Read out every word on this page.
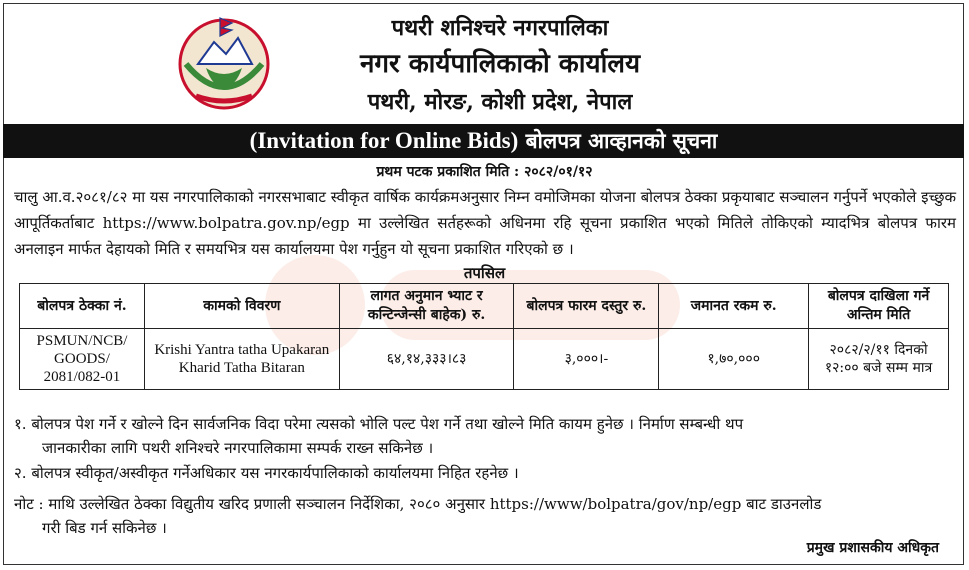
पथरी शनिश्चरे नगरपालिका
नगर कार्यपालिकाको कार्यालय
पथरी, मोरङ, कोशी प्रदेश, नेपाल
(Invitation for Online Bids) बोलपत्र आव्हानको सूचना
प्रथम पटक प्रकाशित मिति : २०८२/०१/१२

चालु आ.व.२०८१/८२ मा यस नगरपालिकाको नगरसभाबाट स्वीकृत वार्षिक कार्यक्रमअनुसार निम्न वमोजिमका योजना बोलपत्र ठेक्का प्रकृयाबाट सञ्चालन गर्नुपर्ने भएकोले इच्छुक आपूर्तिकर्ताबाट https://www.bolpatra.gov.np/egp मा उल्लेखित सर्तहरूको अधिनमा रहि सूचना प्रकाशित भएको मितिले तोकिएको म्यादभित्र बोलपत्र फारम अनलाइन मार्फत देहायको मिति र समयभित्र यस कार्यालयमा पेश गर्नुहुन यो सूचना प्रकाशित गरिएको छ ।

तपसिल
बोलपत्र ठेक्का नं.	कामको विवरण	लागत अनुमान भ्याट र कन्टिन्जेन्सी बाहेक) रु.	बोलपत्र फारम दस्तुर रु.	जमानत रकम रु.	बोलपत्र दाखिला गर्ने अन्तिम मिति
PSMUN/NCB/ GOODS/ 2081/082-01	Krishi Yantra tatha Upakaran Kharid Tatha Bitaran	६४,१४,३३३।८३	३,०००।-	१,७०,०००	२०८२/२/११ दिनको १२:०० बजे सम्म मात्र

१. बोलपत्र पेश गर्ने र खोल्ने दिन सार्वजनिक विदा परेमा त्यसको भोलि पल्ट पेश गर्ने तथा खोल्ने मिति कायम हुनेछ । निर्माण सम्बन्धी थप

जानकारीका लागि पथरी शनिश्चरे नगरपालिकामा सम्पर्क राख्न सकिनेछ ।

२. बोलपत्र स्वीकृत/अस्वीकृत गर्नेअधिकार यस नगरकार्यपालिकाको कार्यालयमा निहित रहनेछ ।

नोट : माथि उल्लेखित ठेक्का विद्युतीय खरिद प्रणाली सञ्चालन निर्देशिका, २०८० अनुसार https://www/bolpatra/gov/np/egp बाट डाउनलोड

गरी बिड गर्न सकिनेछ ।

प्रमुख प्रशासकीय अधिकृत
